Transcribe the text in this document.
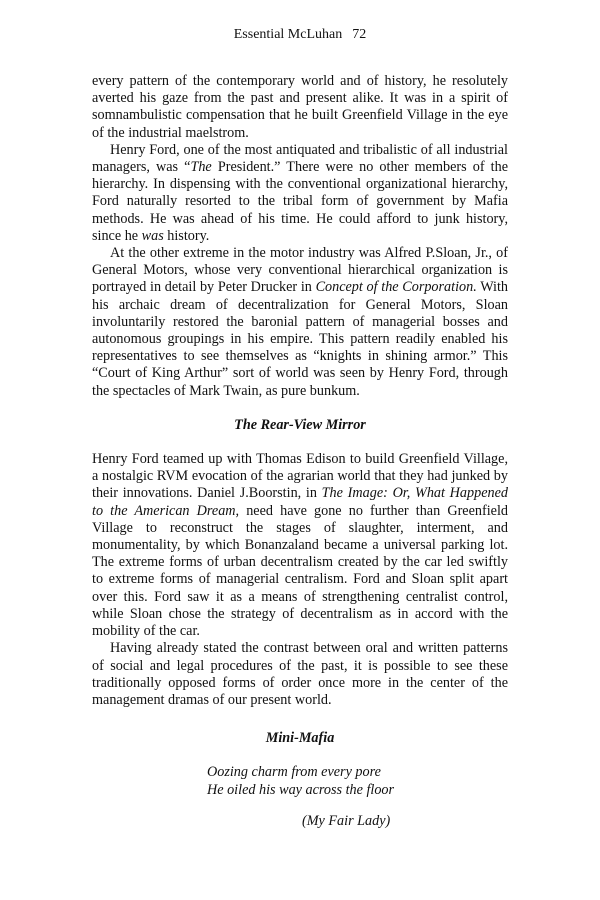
Essential McLuhan 72

every pattern of the contemporary world and of history, he resolutely averted his gaze from the past and present alike. It was in a spirit of somnambulistic compensation that he built Greenfield Village in the eye of the industrial maelstrom.

Henry Ford, one of the most antiquated and tribalistic of all industrial managers, was “The President.” There were no other members of the hierarchy. In dispensing with the conventional organizational hierarchy, Ford naturally resorted to the tribal form of government by Mafia methods. He was ahead of his time. He could afford to junk history, since he was history.

At the other extreme in the motor industry was Alfred P.Sloan, Jr., of General Motors, whose very conventional hierarchical organization is portrayed in detail by Peter Drucker in Concept of the Corporation. With his archaic dream of decentralization for General Motors, Sloan involuntarily restored the baronial pattern of managerial bosses and autonomous groupings in his empire. This pattern readily enabled his representatives to see themselves as “knights in shining armor.” This “Court of King Arthur” sort of world was seen by Henry Ford, through the spectacles of Mark Twain, as pure bunkum.

The Rear-View Mirror

Henry Ford teamed up with Thomas Edison to build Greenfield Village, a nostalgic RVM evocation of the agrarian world that they had junked by their innovations. Daniel J.Boorstin, in The Image: Or, What Happened to the American Dream, need have gone no further than Greenfield Village to reconstruct the stages of slaughter, interment, and monumentality, by which Bonanzaland became a universal parking lot. The extreme forms of urban decentralism created by the car led swiftly to extreme forms of managerial centralism. Ford and Sloan split apart over this. Ford saw it as a means of strengthening centralist control, while Sloan chose the strategy of decentralism as in accord with the mobility of the car.

Having already stated the contrast between oral and written patterns of social and legal procedures of the past, it is possible to see these traditionally opposed forms of order once more in the center of the management dramas of our present world.

Mini-Mafia

Oozing charm from every pore

He oiled his way across the floor

(My Fair Lady)
